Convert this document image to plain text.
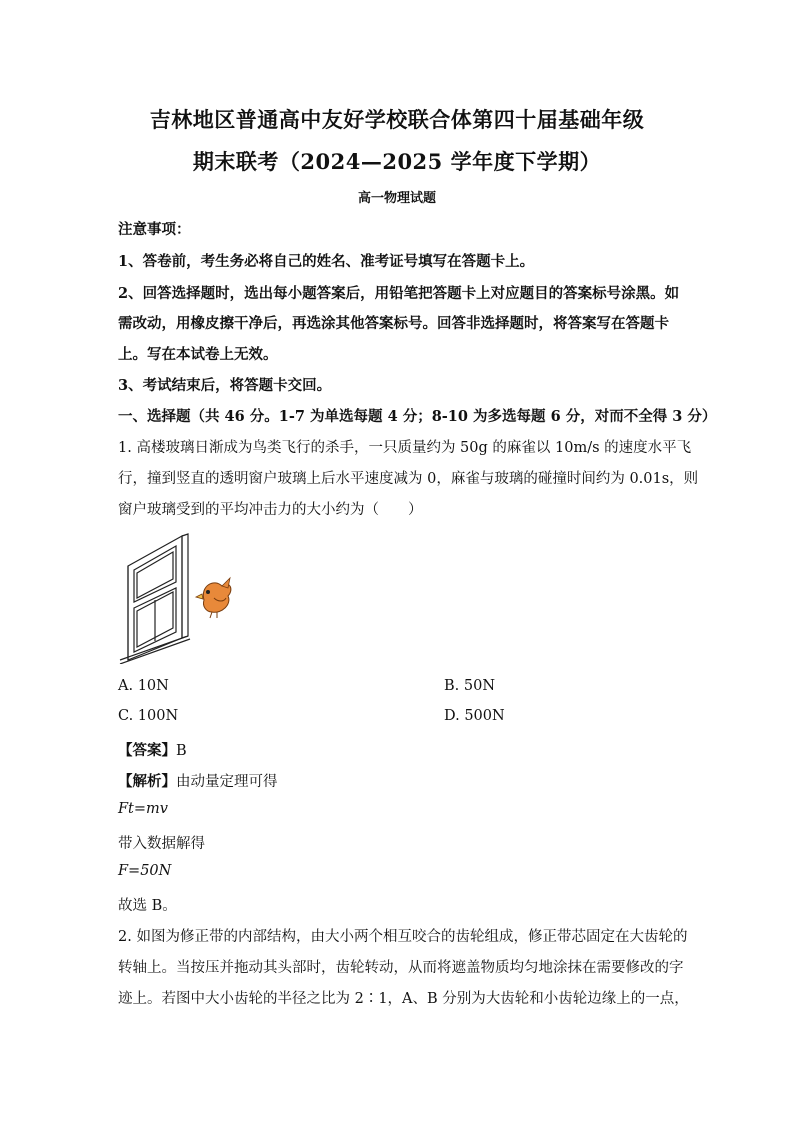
吉林地区普通高中友好学校联合体第四十届基础年级
期末联考（2024—2025 学年度下学期）
高一物理试题
注意事项：
1、答卷前，考生务必将自己的姓名、准考证号填写在答题卡上。
2、回答选择题时，选出每小题答案后，用铅笔把答题卡上对应题目的答案标号涂黑。如
需改动，用橡皮擦干净后，再选涂其他答案标号。回答非选择题时，将答案写在答题卡
上。写在本试卷上无效。
3、考试结束后，将答题卡交回。
一、选择题（共 46 分。1-7 为单选每题 4 分；8-10 为多选每题 6 分，对而不全得 3 分）
1. 高楼玻璃日渐成为鸟类飞行的杀手，一只质量约为 50g 的麻雀以 10m/s 的速度水平飞
行，撞到竖直的透明窗户玻璃上后水平速度减为 0，麻雀与玻璃的碰撞时间约为 0.01s，则
窗户玻璃受到的平均冲击力的大小约为（　　）
A. 10N	B. 50N
C. 100N	D. 500N
【答案】B
【解析】由动量定理可得
Ft=mv
带入数据解得
F=50N
故选 B。
2. 如图为修正带的内部结构，由大小两个相互咬合的齿轮组成，修正带芯固定在大齿轮的
转轴上。当按压并拖动其头部时，齿轮转动，从而将遮盖物质均匀地涂抹在需要修改的字
迹上。若图中大小齿轮的半径之比为 2∶1，A、B 分别为大齿轮和小齿轮边缘上的一点，
